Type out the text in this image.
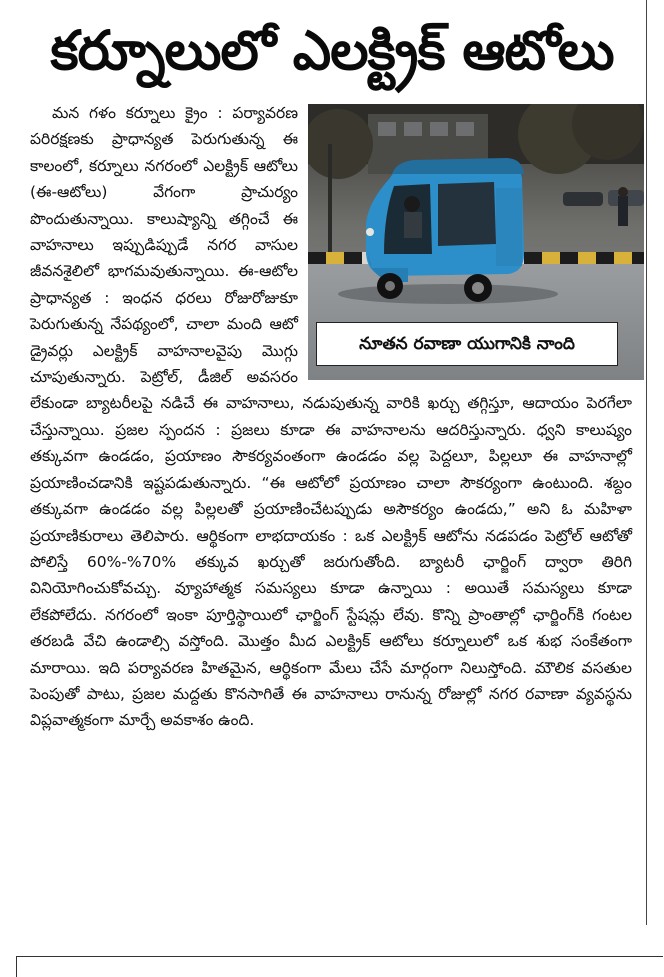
కర్నూలులో ఎలక్ట్రిక్ ఆటోలు
నూతన రవాణా యుగానికి నాంది

మన గళం కర్నూలు క్రైం : పర్యావరణ పరిరక్షణకు ప్రాధాన్యత పెరుగుతున్న ఈ కాలంలో, కర్నూలు నగరంలో ఎలక్ట్రిక్ ఆటోలు (ఈ-ఆటోలు) వేగంగా ప్రాచుర్యం పొందుతున్నాయి. కాలుష్యాన్ని తగ్గించే ఈ వాహనాలు ఇప్పుడిప్పుడే నగర వాసుల జీవనశైలిలో భాగమవుతున్నాయి. ఈ-ఆటోల ప్రాధాన్యత : ఇంధన ధరలు రోజురోజుకూ పెరుగుతున్న నేపథ్యంలో, చాలా మంది ఆటో డ్రైవర్లు ఎలక్ట్రిక్ వాహనాలవైపు మొగ్గు చూపుతున్నారు. పెట్రోల్, డీజిల్ అవసరం లేకుండా బ్యాటరీలపై నడిచే ఈ వాహనాలు, నడుపుతున్న వారికి ఖర్చు తగ్గిస్తూ, ఆదాయం పెరగేలా చేస్తున్నాయి. ప్రజల స్పందన : ప్రజలు కూడా ఈ వాహనాలను ఆదరిస్తున్నారు. ధ్వని కాలుష్యం తక్కువగా ఉండడం, ప్రయాణం సౌకర్యవంతంగా ఉండడం వల్ల పెద్దలూ, పిల్లలూ ఈ వాహనాల్లో ప్రయాణించడానికి ఇష్టపడుతున్నారు. “ఈ ఆటోలో ప్రయాణం చాలా సౌకర్యంగా ఉంటుంది. శబ్దం తక్కువగా ఉండడం వల్ల పిల్లలతో ప్రయాణించేటప్పుడు అసౌకర్యం ఉండదు,” అని ఓ మహిళా ప్రయాణికురాలు తెలిపారు. ఆర్థికంగా లాభదాయకం : ఒక ఎలక్ట్రిక్ ఆటోను నడపడం పెట్రోల్ ఆటోతో పోలిస్తే 60%-%70% తక్కువ ఖర్చుతో జరుగుతోంది. బ్యాటరీ ఛార్జింగ్ ద్వారా తిరిగి వినియోగించుకోవచ్చు. వ్యూహాత్మక సమస్యలు కూడా ఉన్నాయి : అయితే సమస్యలు కూడా లేకపోలేదు. నగరంలో ఇంకా పూర్తిస్థాయిలో ఛార్జింగ్ స్టేషన్లు లేవు. కొన్ని ప్రాంతాల్లో ఛార్జింగ్‌కి గంటల తరబడి వేచి ఉండాల్సి వస్తోంది. మొత్తం మీద ఎలక్ట్రిక్ ఆటోలు కర్నూలులో ఒక శుభ సంకేతంగా మారాయి. ఇది పర్యావరణ హితమైన, ఆర్థికంగా మేలు చేసే మార్గంగా నిలుస్తోంది. మౌలిక వసతుల పెంపుతో పాటు, ప్రజల మద్దతు కొనసాగితే ఈ వాహనాలు రానున్న రోజుల్లో నగర రవాణా వ్యవస్థను విప్లవాత్మకంగా మార్చే అవకాశం ఉంది.
